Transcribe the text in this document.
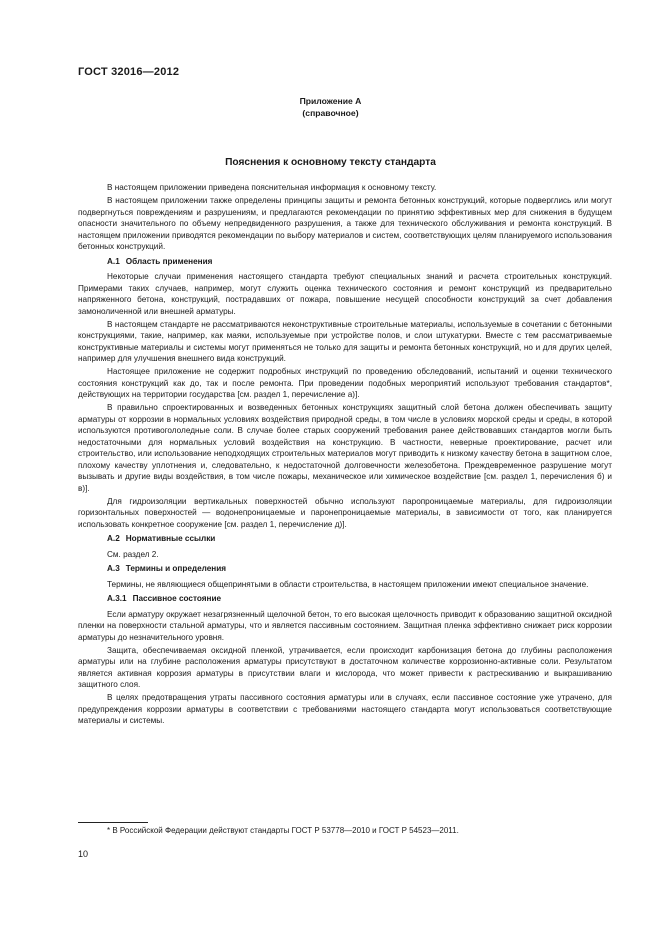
ГОСТ 32016—2012
Приложение А
(справочное)
Пояснения к основному тексту стандарта

В настоящем приложении приведена пояснительная информация к основному тексту.

В настоящем приложении также определены принципы защиты и ремонта бетонных конструкций, которые подверглись или могут подвергнуться повреждениям и разрушениям, и предлагаются рекомендации по принятию эффективных мер для снижения в будущем опасности значительного по объему непредвиденного разрушения, а также для технического обслуживания и ремонта конструкций. В настоящем приложении приводятся рекомендации по выбору материалов и систем, соответствующих целям планируемого использования бетонных конструкций.

А.1 Область применения

Некоторые случаи применения настоящего стандарта требуют специальных знаний и расчета строительных конструкций. Примерами таких случаев, например, могут служить оценка технического состояния и ремонт конструкций из предварительно напряженного бетона, конструкций, пострадавших от пожара, повышение несущей способности конструкций за счет добавления замоноличенной или внешней арматуры.

В настоящем стандарте не рассматриваются неконструктивные строительные материалы, используемые в сочетании с бетонными конструкциями, такие, например, как маяки, используемые при устройстве полов, и слои штукатурки. Вместе с тем рассматриваемые конструктивные материалы и системы могут применяться не только для защиты и ремонта бетонных конструкций, но и для других целей, например для улучшения внешнего вида конструкций.

Настоящее приложение не содержит подробных инструкций по проведению обследований, испытаний и оценки технического состояния конструкций как до, так и после ремонта. При проведении подобных мероприятий используют требования стандартов*, действующих на территории государства [см. раздел 1, перечисление а)].

В правильно спроектированных и возведенных бетонных конструкциях защитный слой бетона должен обеспечивать защиту арматуры от коррозии в нормальных условиях воздействия природной среды, в том числе в условиях морской среды и среды, в которой используются противогололедные соли. В случае более старых сооружений требования ранее действовавших стандартов могли быть недостаточными для нормальных условий воздействия на конструкцию. В частности, неверные проектирование, расчет или строительство, или использование неподходящих строительных материалов могут приводить к низкому качеству бетона в защитном слое, плохому качеству уплотнения и, следовательно, к недостаточной долговечности железобетона. Преждевременное разрушение могут вызывать и другие виды воздействия, в том числе пожары, механическое или химическое воздействие [см. раздел 1, перечисления б) и в)].

Для гидроизоляции вертикальных поверхностей обычно используют паропроницаемые материалы, для гидроизоляции горизонтальных поверхностей — водонепроницаемые и паронепроницаемые материалы, в зависимости от того, как планируется использовать конкретное сооружение [см. раздел 1, перечисление д)].

А.2 Нормативные ссылки

См. раздел 2.

А.3 Термины и определения

Термины, не являющиеся общепринятыми в области строительства, в настоящем приложении имеют специальное значение.

А.3.1 Пассивное состояние

Если арматуру окружает незагрязненный щелочной бетон, то его высокая щелочность приводит к образованию защитной оксидной пленки на поверхности стальной арматуры, что и является пассивным состоянием. Защитная пленка эффективно снижает риск коррозии арматуры до незначительного уровня.

Защита, обеспечиваемая оксидной пленкой, утрачивается, если происходит карбонизация бетона до глубины расположения арматуры или на глубине расположения арматуры присутствуют в достаточном количестве коррозионно-активные соли. Результатом является активная коррозия арматуры в присутствии влаги и кислорода, что может привести к растрескиванию и выкрашиванию защитного слоя.

В целях предотвращения утраты пассивного состояния арматуры или в случаях, если пассивное состояние уже утрачено, для предупреждения коррозии арматуры в соответствии с требованиями настоящего стандарта могут использоваться соответствующие материалы и системы.

* В Российской Федерации действуют стандарты ГОСТ Р 53778—2010 и ГОСТ Р 54523—2011.
10
